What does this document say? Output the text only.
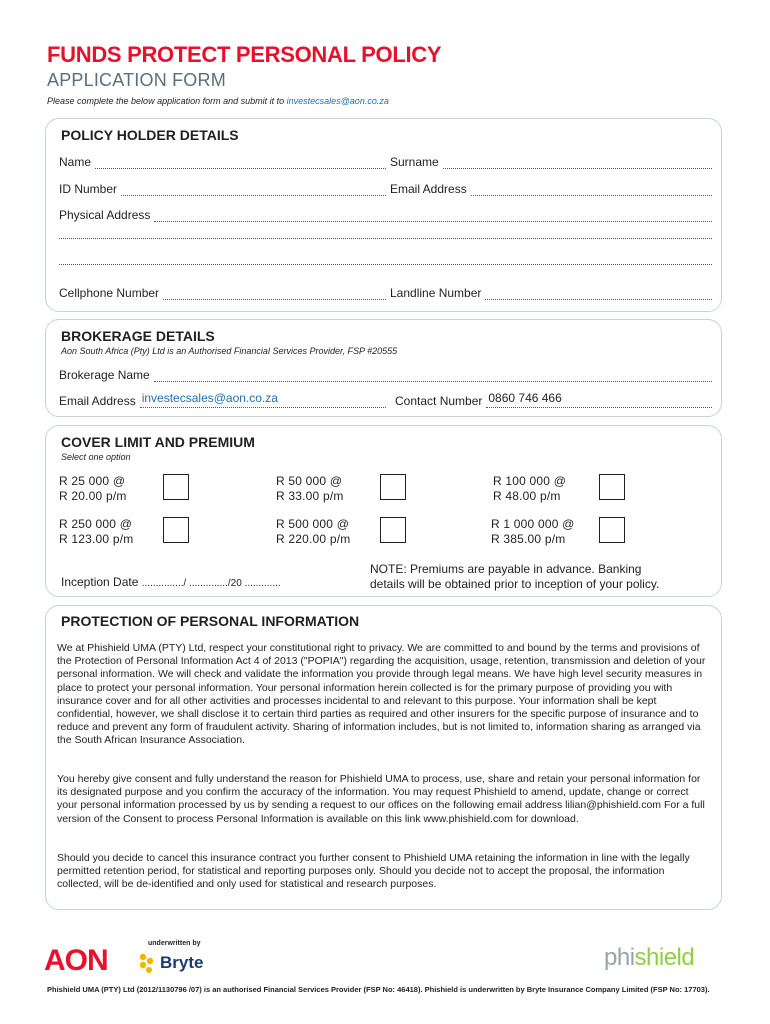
FUNDS PROTECT PERSONAL POLICY
APPLICATION FORM
Please complete the below application form and submit it to investecsales@aon.co.za
POLICY HOLDER DETAILS
Name	Surname
ID Number	Email Address
Physical Address
Cellphone Number	Landline Number
BROKERAGE DETAILS
Aon South Africa (Pty) Ltd is an Authorised Financial Services Provider, FSP #20555
Brokerage Name
Email Address investecsales@aon.co.za	Contact Number 0860 746 466
COVER LIMIT AND PREMIUM
Select one option
R 25 000 @
R 20.00 p/m
R 50 000 @
R 33.00 p/m
R 100 000 @
R 48.00 p/m
R 250 000 @
R 123.00 p/m
R 500 000 @
R 220.00 p/m
R 1 000 000 @
R 385.00 p/m
Inception Date .............../ ............../20 .............
NOTE: Premiums are payable in advance. Banking
details will be obtained prior to inception of your policy.
PROTECTION OF PERSONAL INFORMATION
We at Phishield UMA (PTY) Ltd, respect your constitutional right to privacy. We are committed to and bound by the terms and provisions of the Protection of Personal Information Act 4 of 2013 ("POPIA") regarding the acquisition, usage, retention, transmission and deletion of your personal information. We will check and validate the information you provide through legal means. We have high level security measures in place to protect your personal information. Your personal information herein collected is for the primary purpose of providing you with insurance cover and for all other activities and processes incidental to and relevant to this purpose. Your information shall be kept confidential, however, we shall disclose it to certain third parties as required and other insurers for the specific purpose of insurance and to reduce and prevent any form of fraudulent activity. Sharing of information includes, but is not limited to, information sharing as arranged via the South African Insurance Association.
You hereby give consent and fully understand the reason for Phishield UMA to process, use, share and retain your personal information for its designated purpose and you confirm the accuracy of the information. You may request Phishield to amend, update, change or correct your personal information processed by us by sending a request to our offices on the following email address lilian@phishield.com For a full version of the Consent to process Personal Information is available on this link www.phishield.com for download.
Should you decide to cancel this insurance contract you further consent to Phishield UMA retaining the information in line with the legally permitted retention period, for statistical and reporting purposes only. Should you decide not to accept the proposal, the information collected, will be de-identified and only used for statistical and research purposes.
AON
underwritten by
Bryte	phishield
Phishield UMA (PTY) Ltd (2012/1130796 /07) is an authorised Financial Services Provider (FSP No: 46418). Phishield is underwritten by Bryte Insurance Company Limited (FSP No: 17703).
